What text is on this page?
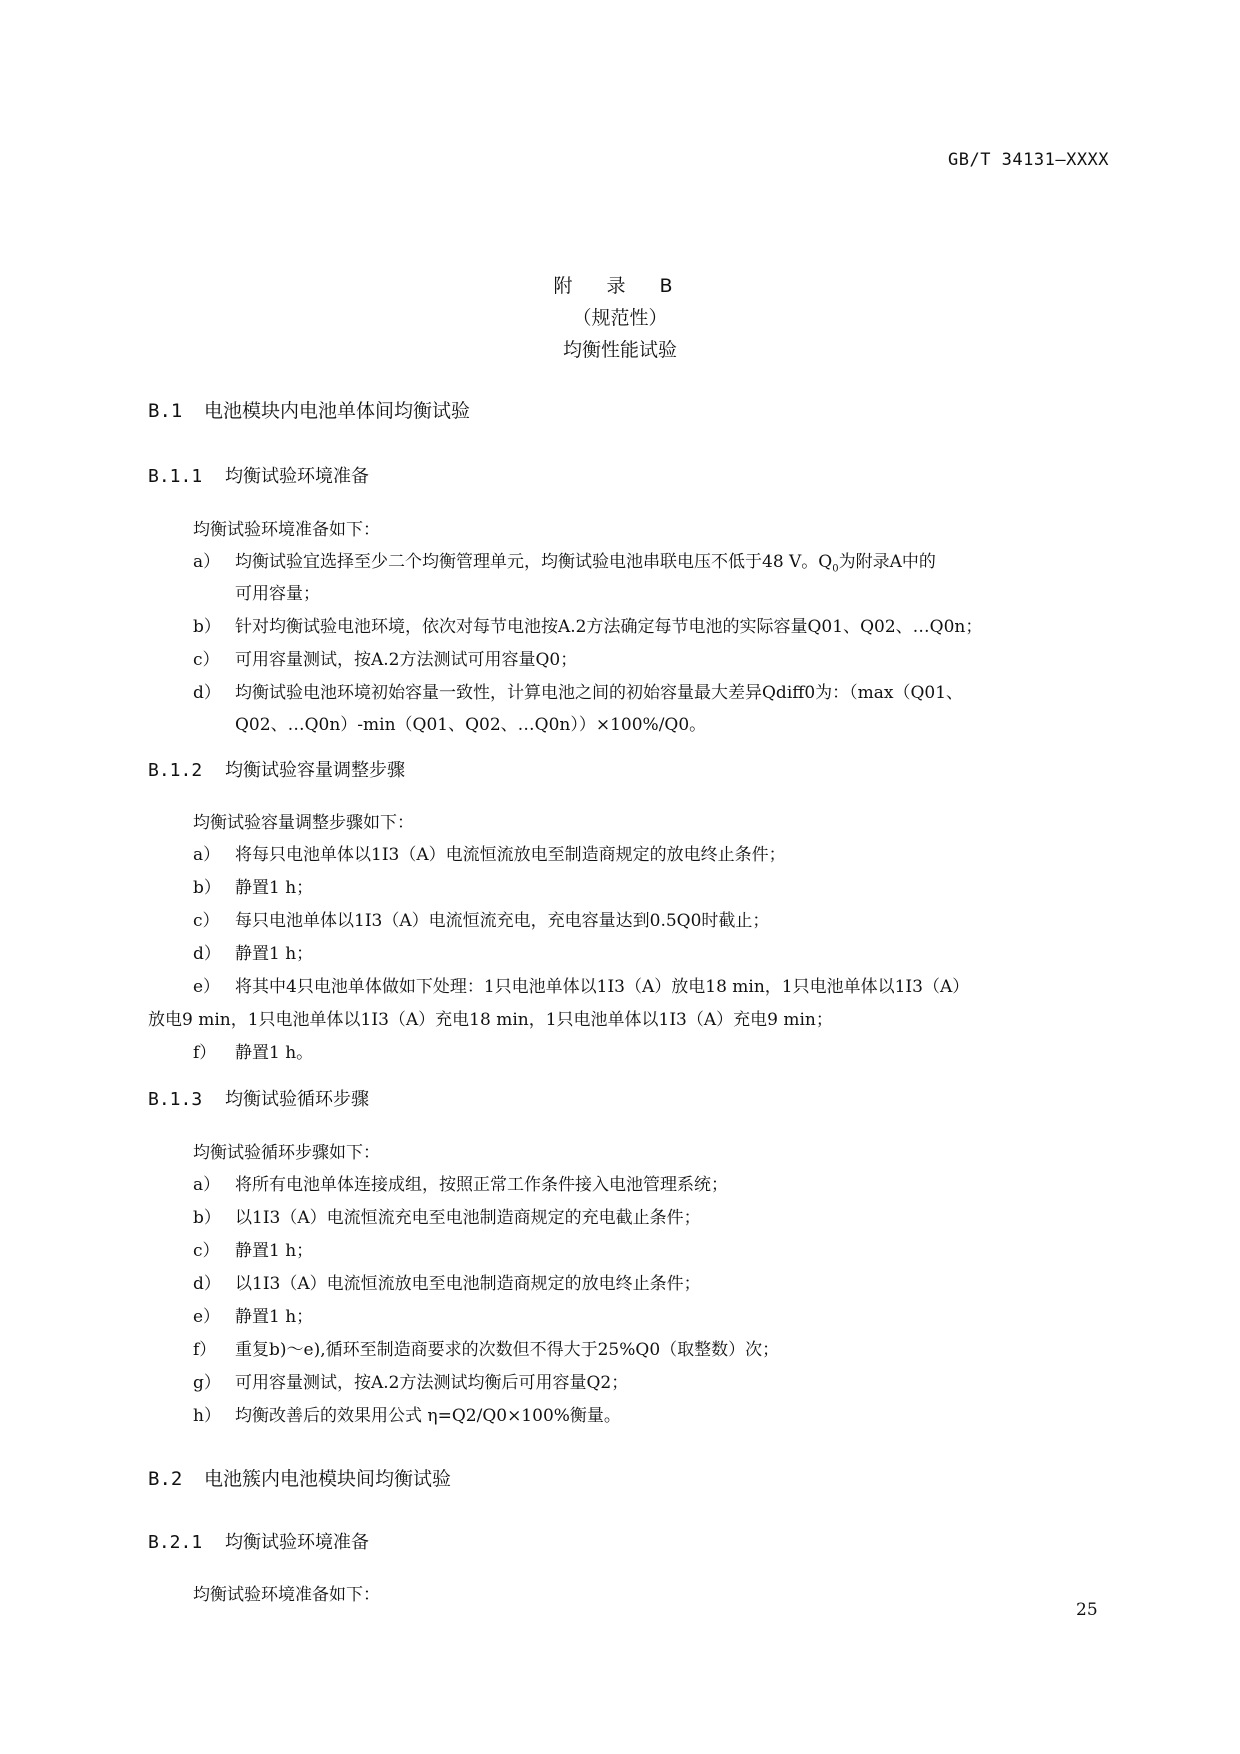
GB/T 34131—XXXX
附 录 B
（规范性）
均衡性能试验
B.1 电池模块内电池单体间均衡试验
B.1.1 均衡试验环境准备
均衡试验环境准备如下：
a） 均衡试验宜选择至少二个均衡管理单元，均衡试验电池串联电压不低于48 V。$Q_0$为附录A中的
可用容量；
b） 针对均衡试验电池环境，依次对每节电池按A.2方法确定每节电池的实际容量Q01、Q02、…Q0n；
c） 可用容量测试，按A.2方法测试可用容量Q0；
d） 均衡试验电池环境初始容量一致性，计算电池之间的初始容量最大差异Qdiff0为：（max（Q01、
Q02、…Q0n）-min（Q01、Q02、…Q0n））×100%/Q0。
B.1.2 均衡试验容量调整步骤
均衡试验容量调整步骤如下：
a） 将每只电池单体以1I3（A）电流恒流放电至制造商规定的放电终止条件；
b） 静置1 h；
c） 每只电池单体以1I3（A）电流恒流充电，充电容量达到0.5Q0时截止；
d） 静置1 h；
e） 将其中4只电池单体做如下处理：1只电池单体以1I3（A）放电18 min，1只电池单体以1I3（A）
放电9 min，1只电池单体以1I3（A）充电18 min，1只电池单体以1I3（A）充电9 min；
f） 静置1 h。
B.1.3 均衡试验循环步骤
均衡试验循环步骤如下：
a） 将所有电池单体连接成组，按照正常工作条件接入电池管理系统；
b） 以1I3（A）电流恒流充电至电池制造商规定的充电截止条件；
c） 静置1 h；
d） 以1I3（A）电流恒流放电至电池制造商规定的放电终止条件；
e） 静置1 h；
f） 重复b)～e),循环至制造商要求的次数但不得大于25%Q0（取整数）次；
g） 可用容量测试，按A.2方法测试均衡后可用容量Q2；
h） 均衡改善后的效果用公式 η=Q2/Q0×100%衡量。
B.2 电池簇内电池模块间均衡试验
B.2.1 均衡试验环境准备
均衡试验环境准备如下：
25
